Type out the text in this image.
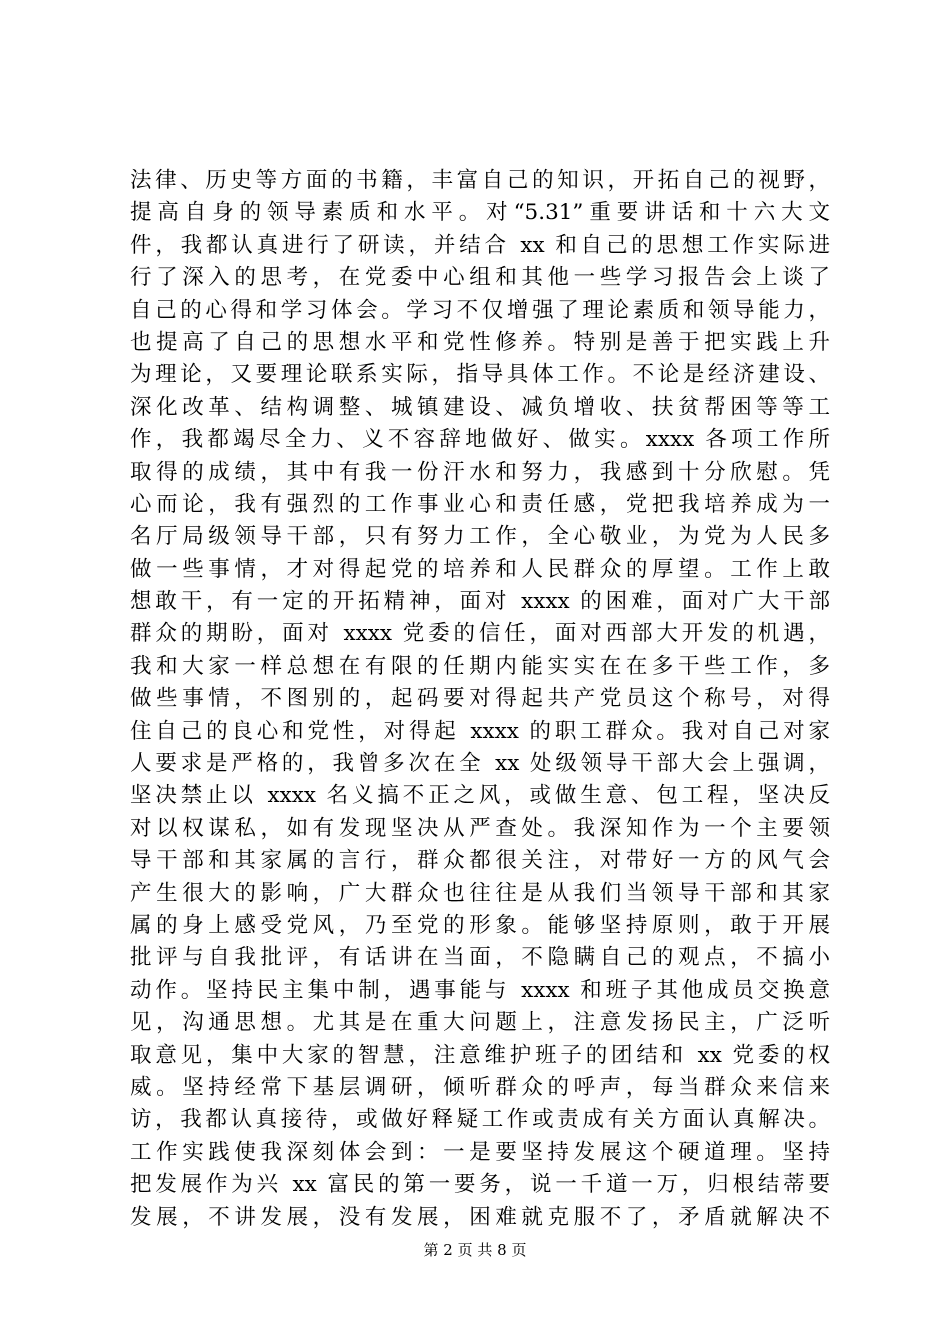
法律、历史等方面的书籍，丰富自己的知识，开拓自己的视野，
提高自身的领导素质和水平。对“5.31”重要讲话和十六大文
件，我都认真进行了研读，并结合 xx 和自己的思想工作实际进
行了深入的思考，在党委中心组和其他一些学习报告会上谈了
自己的心得和学习体会。学习不仅增强了理论素质和领导能力，
也提高了自己的思想水平和党性修养。特别是善于把实践上升
为理论，又要理论联系实际，指导具体工作。不论是经济建设、
深化改革、结构调整、城镇建设、减负增收、扶贫帮困等等工
作，我都竭尽全力、义不容辞地做好、做实。xxxx 各项工作所
取得的成绩，其中有我一份汗水和努力，我感到十分欣慰。凭
心而论，我有强烈的工作事业心和责任感，党把我培养成为一
名厅局级领导干部，只有努力工作，全心敬业，为党为人民多
做一些事情，才对得起党的培养和人民群众的厚望。工作上敢
想敢干，有一定的开拓精神，面对 xxxx 的困难，面对广大干部
群众的期盼，面对 xxxx 党委的信任，面对西部大开发的机遇，
我和大家一样总想在有限的任期内能实实在在多干些工作，多
做些事情，不图别的，起码要对得起共产党员这个称号，对得
住自己的良心和党性，对得起 xxxx 的职工群众。我对自己对家
人要求是严格的，我曾多次在全 xx 处级领导干部大会上强调，
坚决禁止以 xxxx 名义搞不正之风，或做生意、包工程，坚决反
对以权谋私，如有发现坚决从严查处。我深知作为一个主要领
导干部和其家属的言行，群众都很关注，对带好一方的风气会
产生很大的影响，广大群众也往往是从我们当领导干部和其家
属的身上感受党风，乃至党的形象。能够坚持原则，敢于开展
批评与自我批评，有话讲在当面，不隐瞒自己的观点，不搞小
动作。坚持民主集中制，遇事能与 xxxx 和班子其他成员交换意
见，沟通思想。尤其是在重大问题上，注意发扬民主，广泛听
取意见，集中大家的智慧，注意维护班子的团结和 xx 党委的权
威。坚持经常下基层调研，倾听群众的呼声，每当群众来信来
访，我都认真接待，或做好释疑工作或责成有关方面认真解决。
工作实践使我深刻体会到：一是要坚持发展这个硬道理。坚持
把发展作为兴 xx 富民的第一要务，说一千道一万，归根结蒂要
发展，不讲发展，没有发展，困难就克服不了，矛盾就解决不
第 2 页 共 8 页
